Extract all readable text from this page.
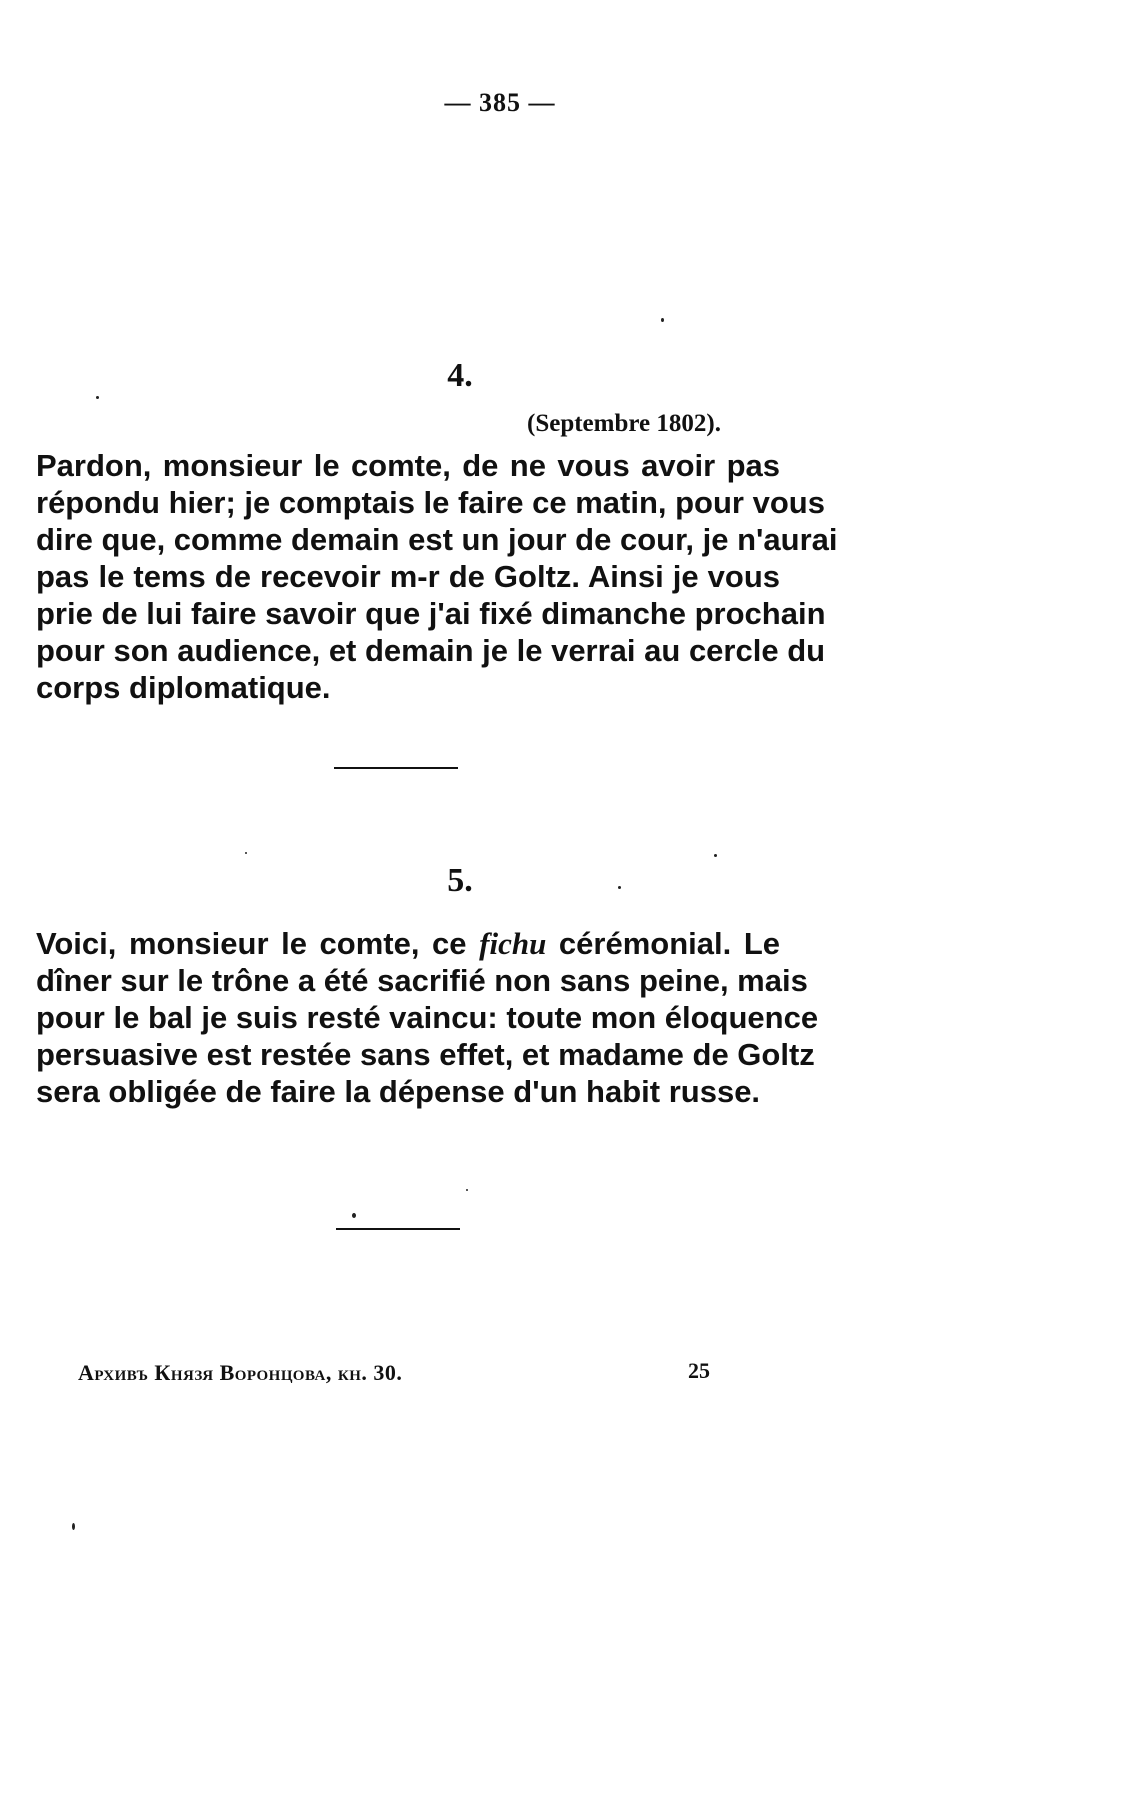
— 385 —
4.
(Septembre 1802).
Pardon, monsieur le comte, de ne vous avoir pas
répondu hier; je comptais le faire ce matin, pour vous
dire que, comme demain est un jour de cour, je n'aurai
pas le tems de recevoir m-r de Goltz. Ainsi je vous
prie de lui faire savoir que j'ai fixé dimanche prochain
pour son audience, et demain je le verrai au cercle du
corps diplomatique.
5.
Voici, monsieur le comte, ce fichu cérémonial. Le
dîner sur le trône a été sacrifié non sans peine, mais
pour le bal je suis resté vaincu: toute mon éloquence
persuasive est restée sans effet, et madame de Goltz
sera obligée de faire la dépense d'un habit russe.
Архивъ Князя Воронцова, кн. 30.	25
